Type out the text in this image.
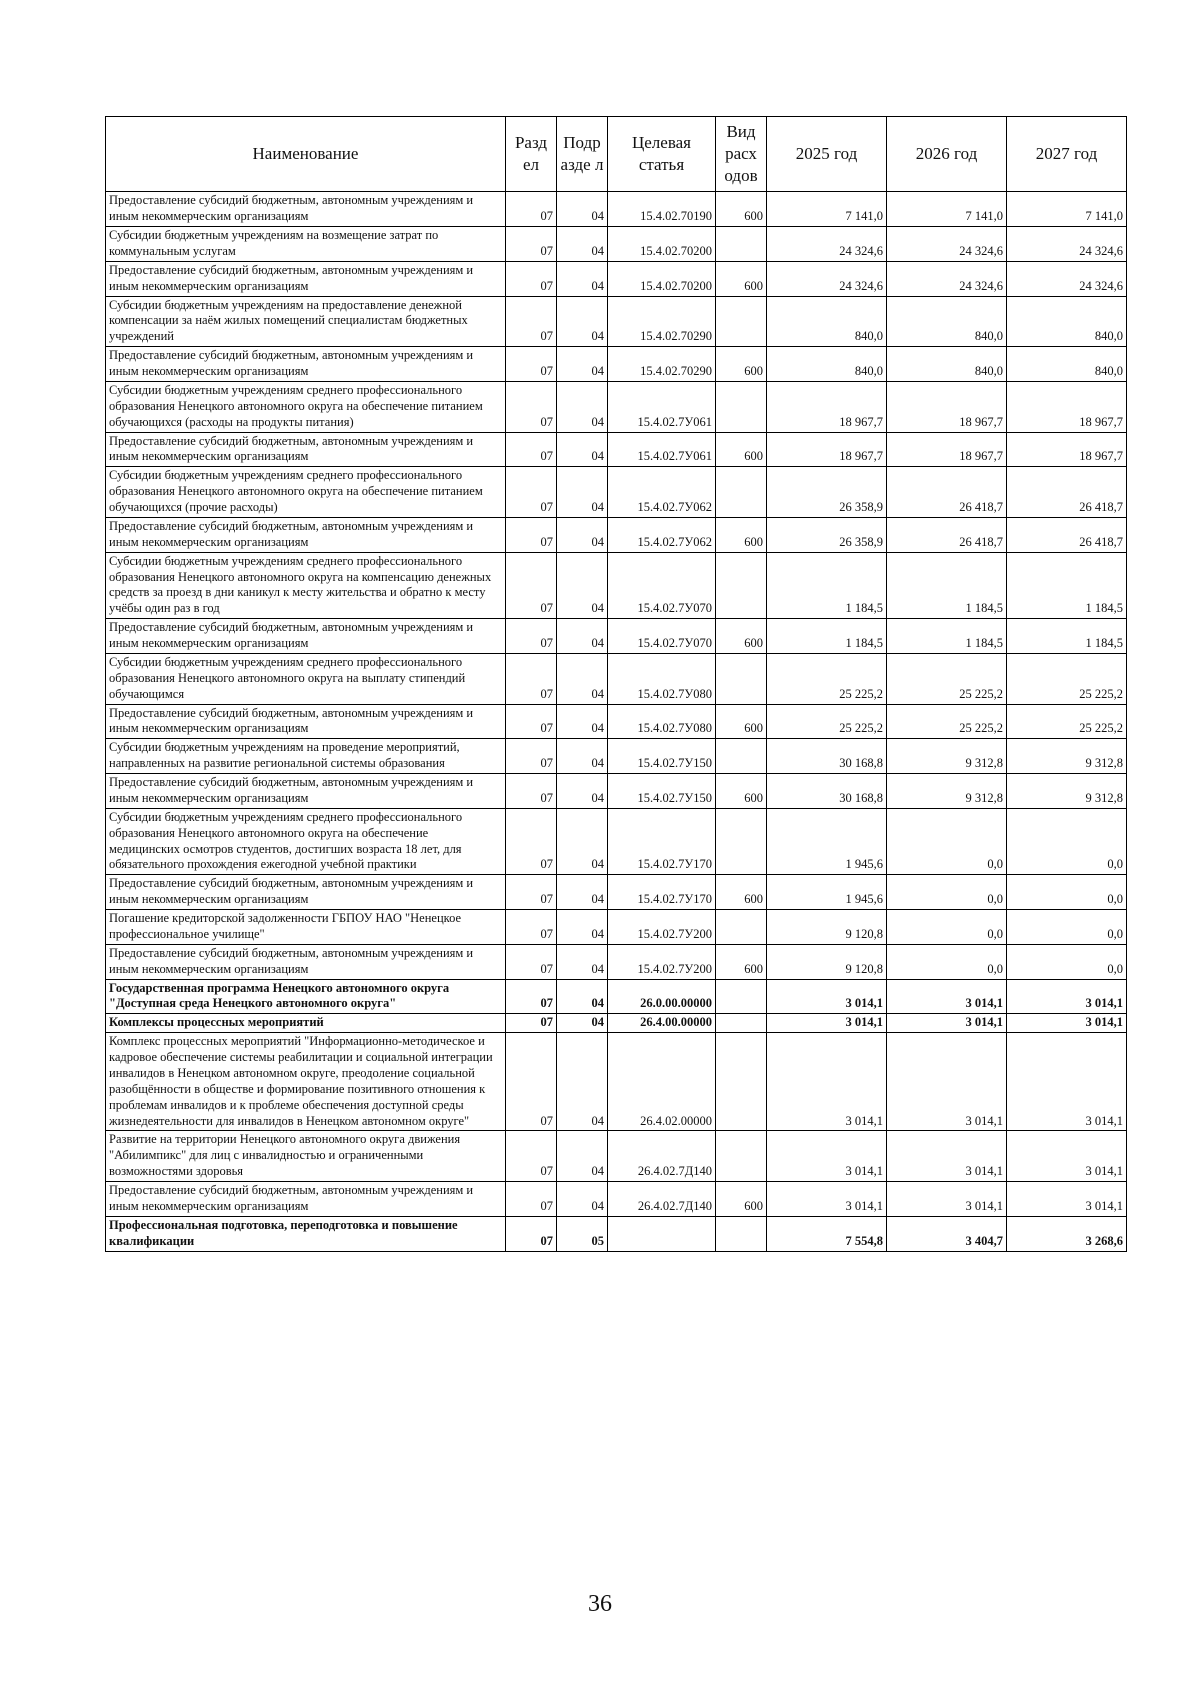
Наименование	Разд ел	Подр азде л	Целевая статья	Вид расх одов	2025 год	2026 год	2027 год
Предоставление субсидий бюджетным, автономным учреждениям и иным некоммерческим организациям	07	04	15.4.02.70190	600	7 141,0	7 141,0	7 141,0
Субсидии бюджетным учреждениям на возмещение затрат по коммунальным услугам	07	04	15.4.02.70200		24 324,6	24 324,6	24 324,6
Предоставление субсидий бюджетным, автономным учреждениям и иным некоммерческим организациям	07	04	15.4.02.70200	600	24 324,6	24 324,6	24 324,6
Субсидии бюджетным учреждениям на предоставление денежной компенсации за наём жилых помещений специалистам бюджетных учреждений	07	04	15.4.02.70290		840,0	840,0	840,0
Предоставление субсидий бюджетным, автономным учреждениям и иным некоммерческим организациям	07	04	15.4.02.70290	600	840,0	840,0	840,0
Субсидии бюджетным учреждениям среднего профессионального образования Ненецкого автономного округа на обеспечение питанием обучающихся (расходы на продукты питания)	07	04	15.4.02.7У061		18 967,7	18 967,7	18 967,7
Предоставление субсидий бюджетным, автономным учреждениям и иным некоммерческим организациям	07	04	15.4.02.7У061	600	18 967,7	18 967,7	18 967,7
Субсидии бюджетным учреждениям среднего профессионального образования Ненецкого автономного округа на обеспечение питанием обучающихся (прочие расходы)	07	04	15.4.02.7У062		26 358,9	26 418,7	26 418,7
Предоставление субсидий бюджетным, автономным учреждениям и иным некоммерческим организациям	07	04	15.4.02.7У062	600	26 358,9	26 418,7	26 418,7
Субсидии бюджетным учреждениям среднего профессионального образования Ненецкого автономного округа на компенсацию денежных средств за проезд в дни каникул к месту жительства и обратно к месту учёбы один раз в год	07	04	15.4.02.7У070		1 184,5	1 184,5	1 184,5
Предоставление субсидий бюджетным, автономным учреждениям и иным некоммерческим организациям	07	04	15.4.02.7У070	600	1 184,5	1 184,5	1 184,5
Субсидии бюджетным учреждениям среднего профессионального образования Ненецкого автономного округа на выплату стипендий обучающимся	07	04	15.4.02.7У080		25 225,2	25 225,2	25 225,2
Предоставление субсидий бюджетным, автономным учреждениям и иным некоммерческим организациям	07	04	15.4.02.7У080	600	25 225,2	25 225,2	25 225,2
Субсидии бюджетным учреждениям на проведение мероприятий, направленных на развитие региональной системы образования	07	04	15.4.02.7У150		30 168,8	9 312,8	9 312,8
Предоставление субсидий бюджетным, автономным учреждениям и иным некоммерческим организациям	07	04	15.4.02.7У150	600	30 168,8	9 312,8	9 312,8
Субсидии бюджетным учреждениям среднего профессионального образования Ненецкого автономного округа на обеспечение медицинских осмотров студентов, достигших возраста 18 лет, для обязательного прохождения ежегодной учебной практики	07	04	15.4.02.7У170		1 945,6	0,0	0,0
Предоставление субсидий бюджетным, автономным учреждениям и иным некоммерческим организациям	07	04	15.4.02.7У170	600	1 945,6	0,0	0,0
Погашение кредиторской задолженности ГБПОУ НАО "Ненецкое профессиональное училище"	07	04	15.4.02.7У200		9 120,8	0,0	0,0
Предоставление субсидий бюджетным, автономным учреждениям и иным некоммерческим организациям	07	04	15.4.02.7У200	600	9 120,8	0,0	0,0
Государственная программа Ненецкого автономного округа "Доступная среда Ненецкого автономного округа"	07	04	26.0.00.00000		3 014,1	3 014,1	3 014,1
Комплексы процессных мероприятий	07	04	26.4.00.00000		3 014,1	3 014,1	3 014,1
Комплекс процессных мероприятий "Информационно-методическое и кадровое обеспечение системы реабилитации и социальной интеграции инвалидов в Ненецком автономном округе, преодоление социальной разобщённости в обществе и формирование позитивного отношения к проблемам инвалидов и к проблеме обеспечения доступной среды жизнедеятельности для инвалидов в Ненецком автономном округе"	07	04	26.4.02.00000		3 014,1	3 014,1	3 014,1
Развитие на территории Ненецкого автономного округа движения "Абилимпикс" для лиц с инвалидностью и ограниченными возможностями здоровья	07	04	26.4.02.7Д140		3 014,1	3 014,1	3 014,1
Предоставление субсидий бюджетным, автономным учреждениям и иным некоммерческим организациям	07	04	26.4.02.7Д140	600	3 014,1	3 014,1	3 014,1
Профессиональная подготовка, переподготовка и повышение квалификации	07	05			7 554,8	3 404,7	3 268,6
36
